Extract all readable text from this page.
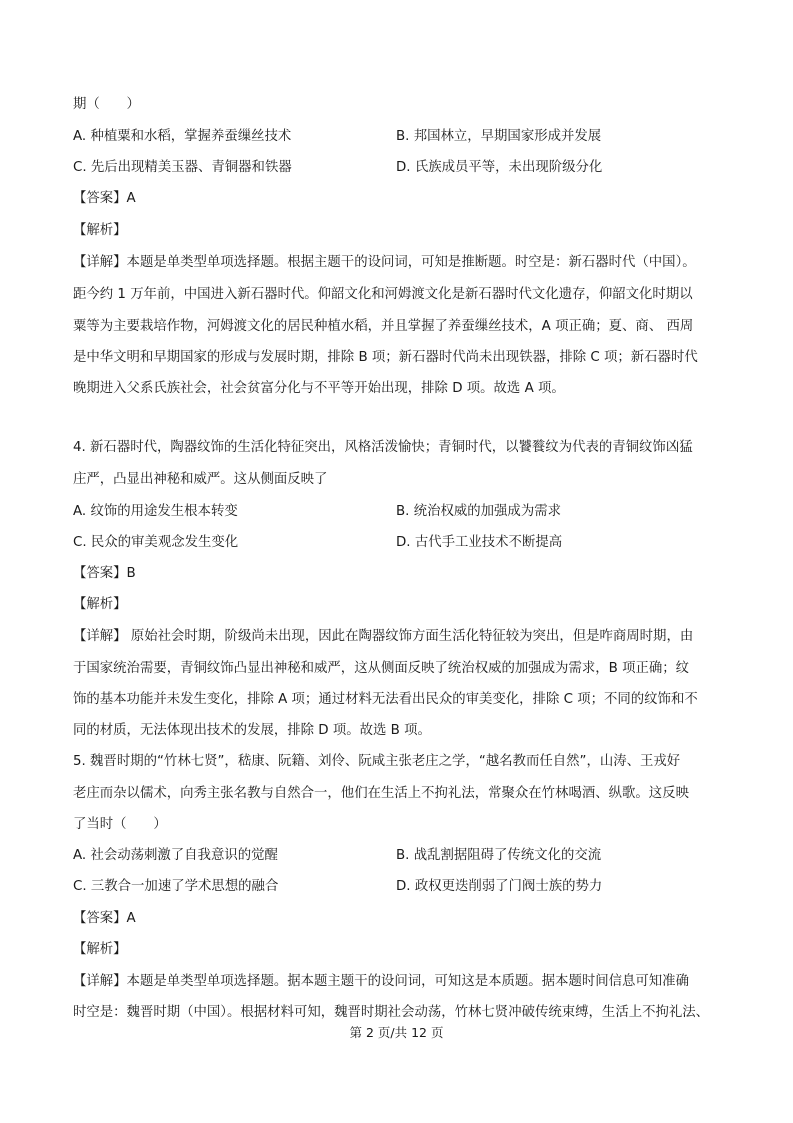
期（　　）
A. 种植粟和水稻，掌握养蚕缫丝技术	B. 邦国林立，早期国家形成并发展
C. 先后出现精美玉器、青铜器和铁器	D. 氏族成员平等，未出现阶级分化
【答案】A
【解析】
【详解】本题是单类型单项选择题。根据主题干的设问词，可知是推断题。时空是：新石器时代（中国）。
距今约 1 万年前，中国进入新石器时代。仰韶文化和河姆渡文化是新石器时代文化遗存，仰韶文化时期以
粟等为主要栽培作物，河姆渡文化的居民种植水稻，并且掌握了养蚕缫丝技术，A 项正确；夏、商、 西周
是中华文明和早期国家的形成与发展时期，排除 B 项；新石器时代尚未出现铁器，排除 C 项；新石器时代
晚期进入父系氏族社会，社会贫富分化与不平等开始出现，排除 D 项。故选 A 项。
4. 新石器时代，陶器纹饰的生活化特征突出，风格活泼愉快；青铜时代，以饕餮纹为代表的青铜纹饰凶猛
庄严，凸显出神秘和威严。这从侧面反映了
A. 纹饰的用途发生根本转变	B. 统治权威的加强成为需求
C. 民众的审美观念发生变化	D. 古代手工业技术不断提高
【答案】B
【解析】
【详解】 原始社会时期，阶级尚未出现，因此在陶器纹饰方面生活化特征较为突出，但是咋商周时期，由
于国家统治需要，青铜纹饰凸显出神秘和威严，这从侧面反映了统治权威的加强成为需求，B 项正确；纹
饰的基本功能并未发生变化，排除 A 项；通过材料无法看出民众的审美变化，排除 C 项；不同的纹饰和不
同的材质，无法体现出技术的发展，排除 D 项。故选 B 项。
5. 魏晋时期的“竹林七贤”，嵇康、阮籍、刘伶、阮咸主张老庄之学，“越名教而任自然”，山涛、王戎好
老庄而杂以儒术，向秀主张名教与自然合一，他们在生活上不拘礼法，常聚众在竹林喝酒、纵歌。这反映
了当时（　　）
A. 社会动荡刺激了自我意识的觉醒	B. 战乱割据阻碍了传统文化的交流
C. 三教合一加速了学术思想的融合	D. 政权更迭削弱了门阀士族的势力
【答案】A
【解析】
【详解】本题是单类型单项选择题。据本题主题干的设问词，可知这是本质题。据本题时间信息可知准确
时空是：魏晋时期（中国）。根据材料可知，魏晋时期社会动荡，竹林七贤冲破传统束缚，生活上不拘礼法、
第 2 页/共 12 页
